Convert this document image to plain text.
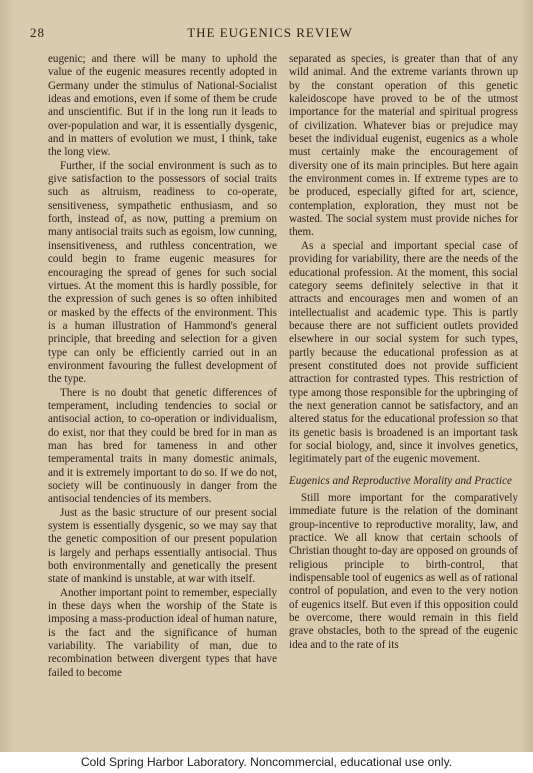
28	THE EUGENICS REVIEW

eugenic; and there will be many to uphold the value of the eugenic measures recently adopted in Germany under the stimulus of National-Socialist ideas and emotions, even if some of them be crude and unscientific. But if in the long run it leads to over-population and war, it is essentially dysgenic, and in matters of evolution we must, I think, take the long view.

Further, if the social environment is such as to give satisfaction to the possessors of social traits such as altruism, readiness to co-operate, sensitiveness, sympathetic enthusiasm, and so forth, instead of, as now, putting a premium on many antisocial traits such as egoism, low cunning, insensitiveness, and ruthless concentration, we could begin to frame eugenic measures for encouraging the spread of genes for such social virtues. At the moment this is hardly possible, for the expression of such genes is so often inhibited or masked by the effects of the environment. This is a human illustration of Hammond's general principle, that breeding and selection for a given type can only be efficiently carried out in an environment favouring the fullest development of the type.

There is no doubt that genetic differences of temperament, including tendencies to social or antisocial action, to co-operation or individualism, do exist, nor that they could be bred for in man as man has bred for tameness in and other temperamental traits in many domestic animals, and it is extremely important to do so. If we do not, society will be continuously in danger from the antisocial tendencies of its members.

Just as the basic structure of our present social system is essentially dysgenic, so we may say that the genetic composition of our present population is largely and perhaps essentially antisocial. Thus both environmentally and genetically the present state of mankind is unstable, at war with itself.

Another important point to remember, especially in these days when the worship of the State is imposing a mass-production ideal of human nature, is the fact and the significance of human variability. The variability of man, due to recombination between divergent types that have failed to become

separated as species, is greater than that of any wild animal. And the extreme variants thrown up by the constant operation of this genetic kaleidoscope have proved to be of the utmost importance for the material and spiritual progress of civilization. Whatever bias or prejudice may beset the individual eugenist, eugenics as a whole must certainly make the encouragement of diversity one of its main principles. But here again the environment comes in. If extreme types are to be produced, especially gifted for art, science, contemplation, exploration, they must not be wasted. The social system must provide niches for them.

As a special and important special case of providing for variability, there are the needs of the educational profession. At the moment, this social category seems definitely selective in that it attracts and encourages men and women of an intellectualist and academic type. This is partly because there are not sufficient outlets provided elsewhere in our social system for such types, partly because the educational profession as at present constituted does not provide sufficient attraction for contrasted types. This restriction of type among those responsible for the upbringing of the next generation cannot be satisfactory, and an altered status for the educational profession so that its genetic basis is broadened is an important task for social biology, and, since it involves genetics, legitimately part of the eugenic movement.

Eugenics and Reproductive Morality and Practice

Still more important for the comparatively immediate future is the relation of the dominant group-incentive to reproductive morality, law, and practice. We all know that certain schools of Christian thought to-day are opposed on grounds of religious principle to birth-control, that indispensable tool of eugenics as well as of rational control of population, and even to the very notion of eugenics itself. But even if this opposition could be overcome, there would remain in this field grave obstacles, both to the spread of the eugenic idea and to the rate of its

Cold Spring Harbor Laboratory. Noncommercial, educational use only.
